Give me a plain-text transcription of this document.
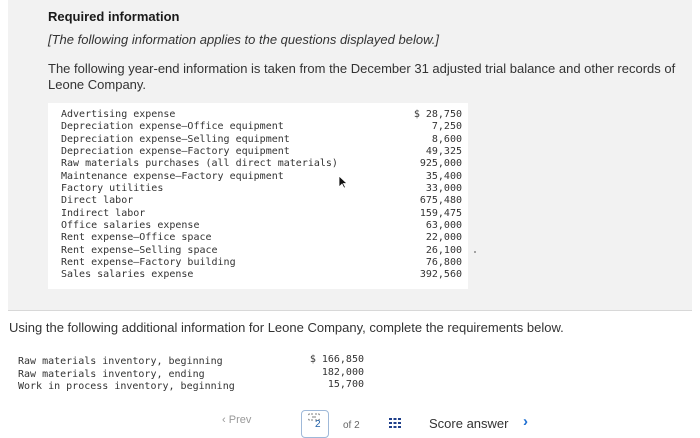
Required information
[The following information applies to the questions displayed below.]
The following year-end information is taken from the December 31 adjusted trial balance and other records of Leone Company.
Advertising expense
Depreciation expense—Office equipment
Depreciation expense—Selling equipment
Depreciation expense—Factory equipment
Raw materials purchases (all direct materials)
Maintenance expense—Factory equipment
Factory utilities
Direct labor
Indirect labor
Office salaries expense
Rent expense—Office space
Rent expense—Selling space
Rent expense—Factory building
Sales salaries expense
$ 28,750
7,250
8,600
49,325
925,000
35,400
33,000
675,480
159,475
63,000
22,000
26,100
76,800
392,560
Using the following additional information for Leone Company, complete the requirements below.
Raw materials inventory, beginning
Raw materials inventory, ending
Work in process inventory, beginning
$ 166,850
182,000
15,700
‹ Prev	2 of 2	Score answer ›
